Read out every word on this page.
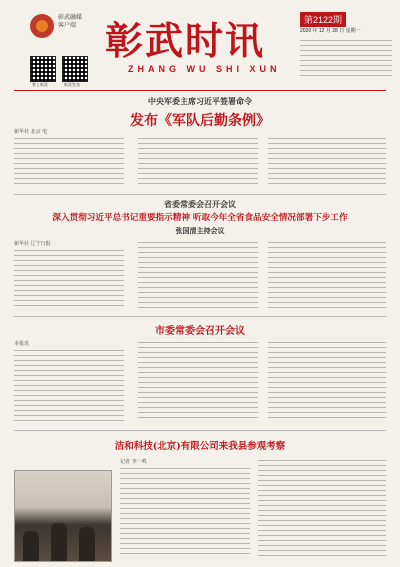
彰武融媒
客户端
掌上彰武	彰武发布
彰武时讯
ZHANG WU SHI XUN
第2122期
2020 年 12 月 28 日 星期一
中央军委主席习近平签署命令
发布《军队后勤条例》
新华社 北京 电
省委常委会召开会议
深入贯彻习近平总书记重要指示精神 听取今年全省食品安全情况部署下步工作
张国清主持会议
新华社 辽宁日报
市委常委会召开会议
本报讯
洁和科技(北京)有限公司来我县参观考察
记者 李一鸣
